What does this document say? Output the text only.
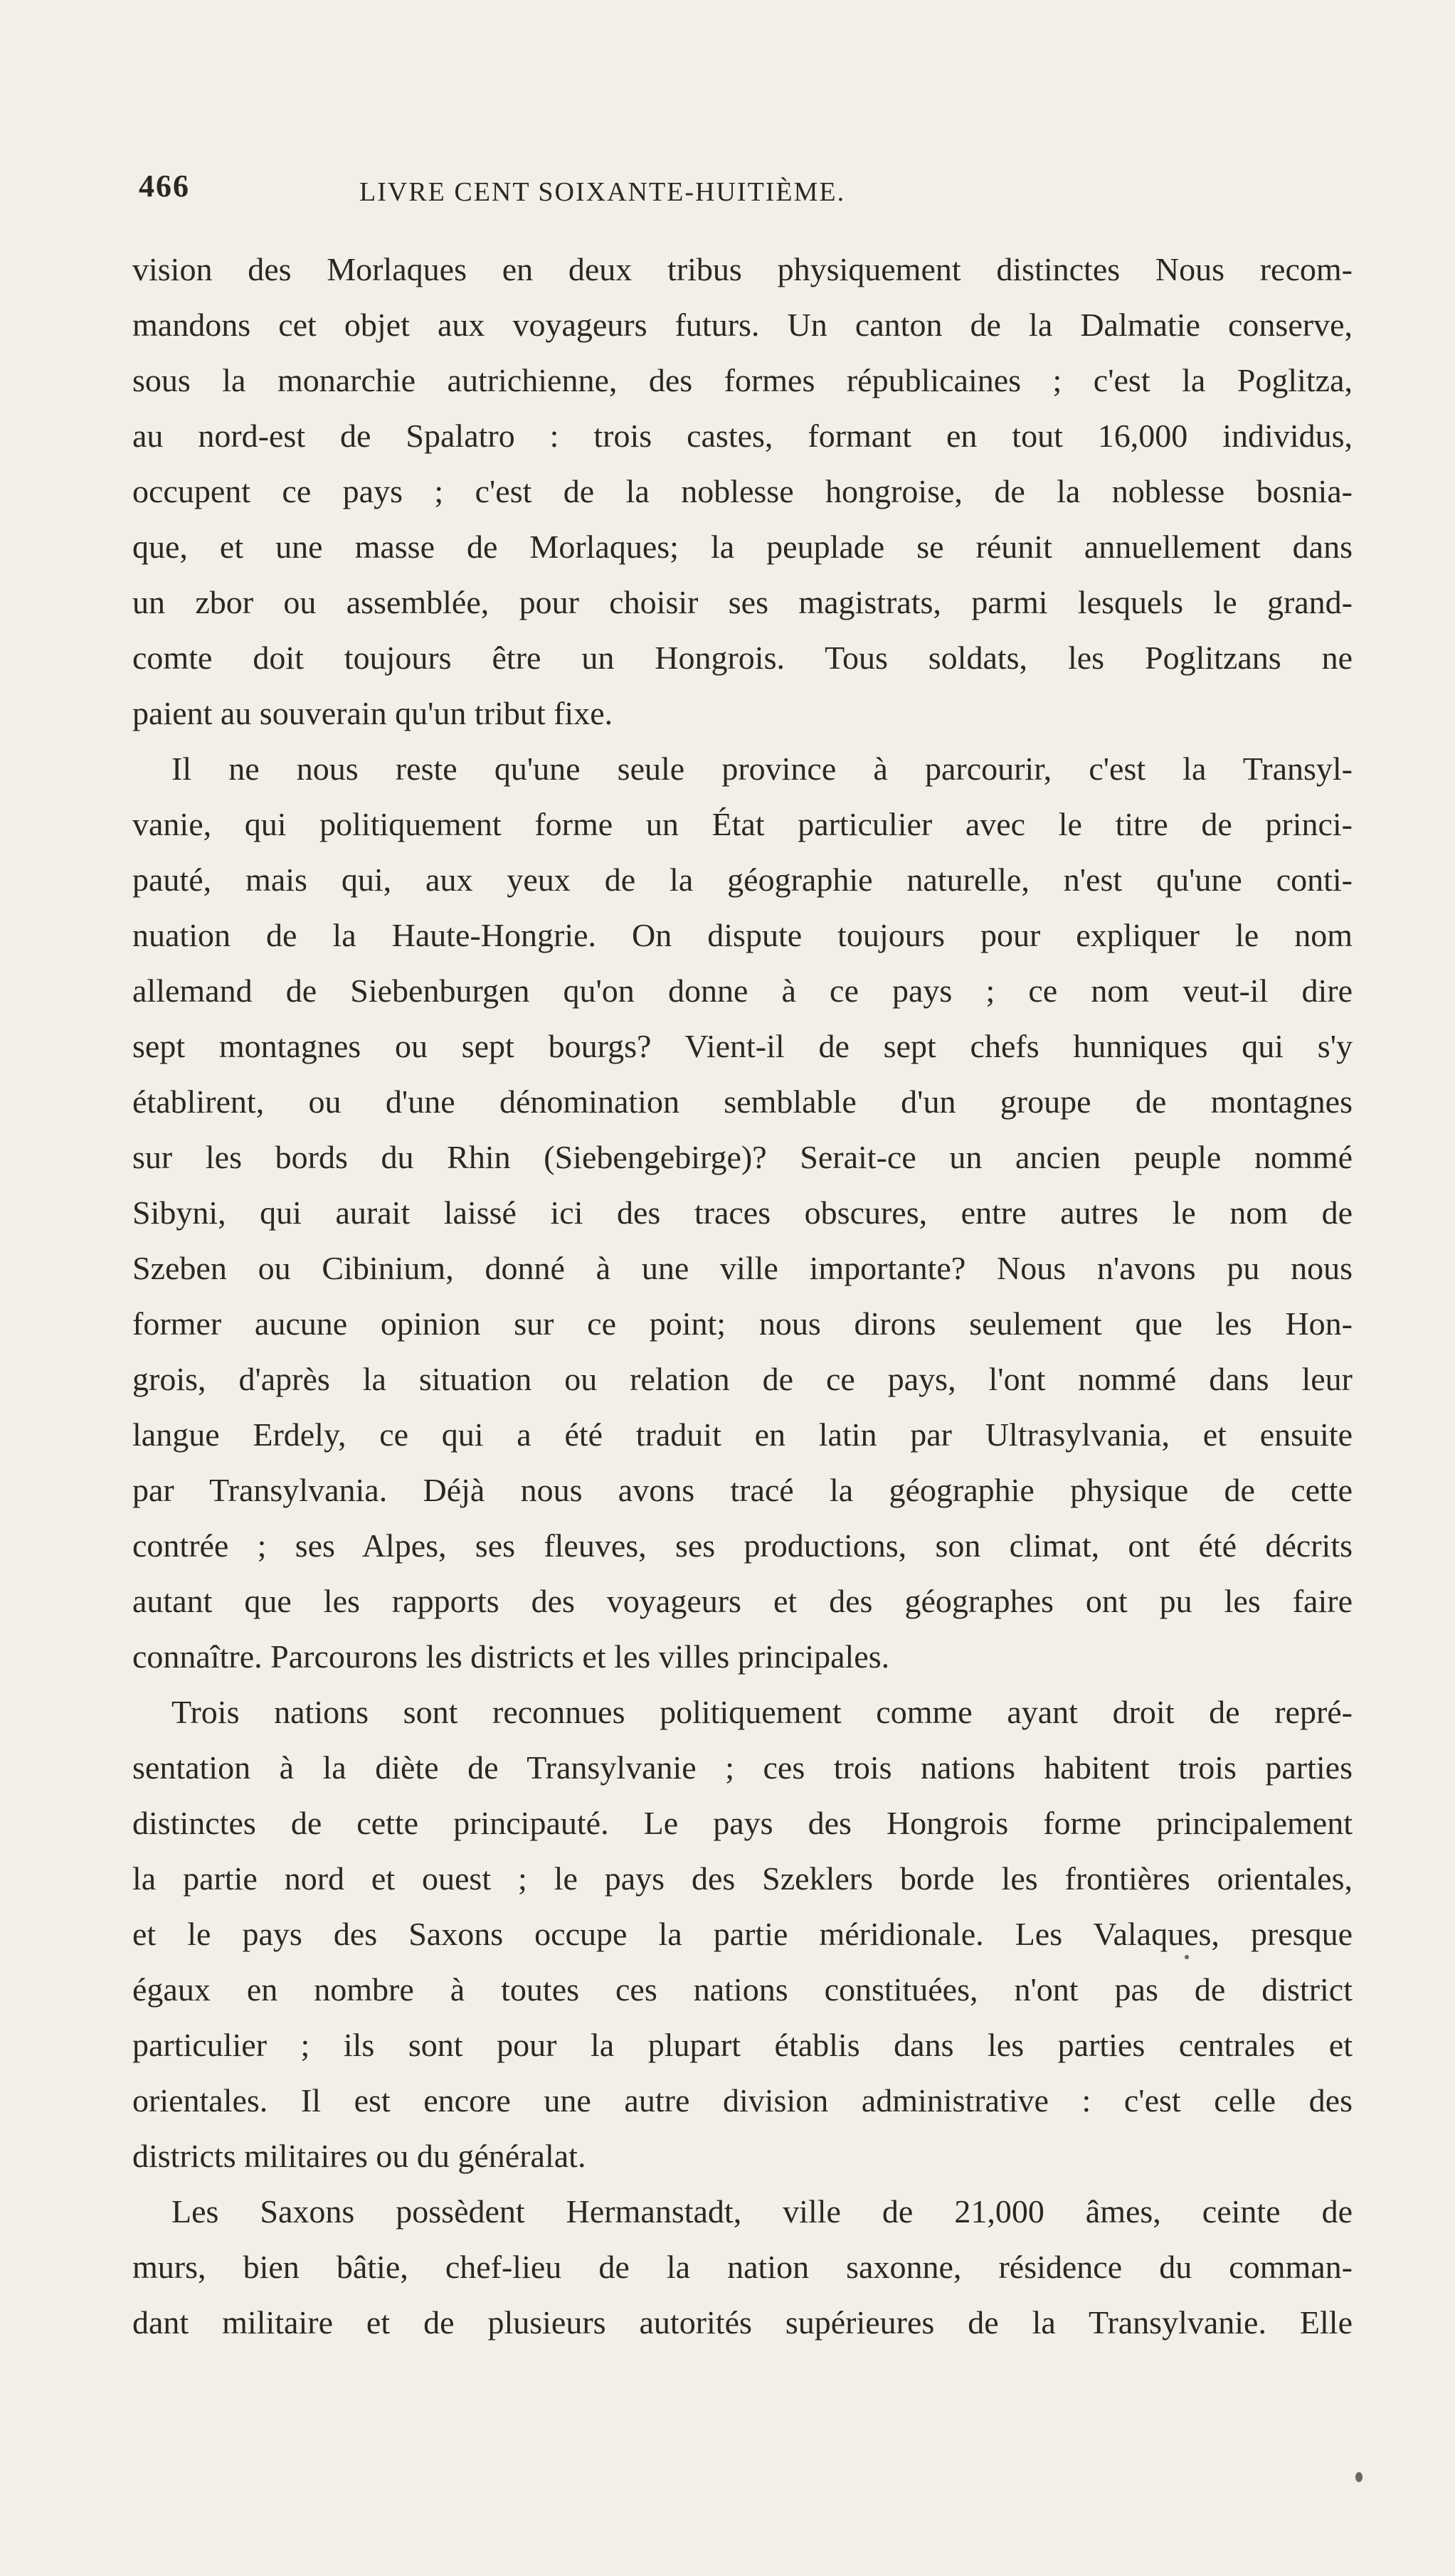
466	LIVRE CENT SOIXANTE-HUITIÈME.
vision des Morlaques en deux tribus physiquement distinctes Nous recom-
mandons cet objet aux voyageurs futurs. Un canton de la Dalmatie conserve,
sous la monarchie autrichienne, des formes républicaines ; c'est la Poglitza,
au nord-est de Spalatro : trois castes, formant en tout 16,000 individus,
occupent ce pays ; c'est de la noblesse hongroise, de la noblesse bosnia-
que, et une masse de Morlaques; la peuplade se réunit annuellement dans
un zbor ou assemblée, pour choisir ses magistrats, parmi lesquels le grand-
comte doit toujours être un Hongrois. Tous soldats, les Poglitzans ne
paient au souverain qu'un tribut fixe.
Il ne nous reste qu'une seule province à parcourir, c'est la Transyl-
vanie, qui politiquement forme un État particulier avec le titre de princi-
pauté, mais qui, aux yeux de la géographie naturelle, n'est qu'une conti-
nuation de la Haute-Hongrie. On dispute toujours pour expliquer le nom
allemand de Siebenburgen qu'on donne à ce pays ; ce nom veut-il dire
sept montagnes ou sept bourgs? Vient-il de sept chefs hunniques qui s'y
établirent, ou d'une dénomination semblable d'un groupe de montagnes
sur les bords du Rhin (Siebengebirge)? Serait-ce un ancien peuple nommé
Sibyni, qui aurait laissé ici des traces obscures, entre autres le nom de
Szeben ou Cibinium, donné à une ville importante? Nous n'avons pu nous
former aucune opinion sur ce point; nous dirons seulement que les Hon-
grois, d'après la situation ou relation de ce pays, l'ont nommé dans leur
langue Erdely, ce qui a été traduit en latin par Ultrasylvania, et ensuite
par Transylvania. Déjà nous avons tracé la géographie physique de cette
contrée ; ses Alpes, ses fleuves, ses productions, son climat, ont été décrits
autant que les rapports des voyageurs et des géographes ont pu les faire
connaître. Parcourons les districts et les villes principales.
Trois nations sont reconnues politiquement comme ayant droit de repré-
sentation à la diète de Transylvanie ; ces trois nations habitent trois parties
distinctes de cette principauté. Le pays des Hongrois forme principalement
la partie nord et ouest ; le pays des Szeklers borde les frontières orientales,
et le pays des Saxons occupe la partie méridionale. Les Valaques, presque
égaux en nombre à toutes ces nations constituées, n'ont pas de district
particulier ; ils sont pour la plupart établis dans les parties centrales et
orientales. Il est encore une autre division administrative : c'est celle des
districts militaires ou du généralat.
Les Saxons possèdent Hermanstadt, ville de 21,000 âmes, ceinte de
murs, bien bâtie, chef-lieu de la nation saxonne, résidence du comman-
dant militaire et de plusieurs autorités supérieures de la Transylvanie. Elle
